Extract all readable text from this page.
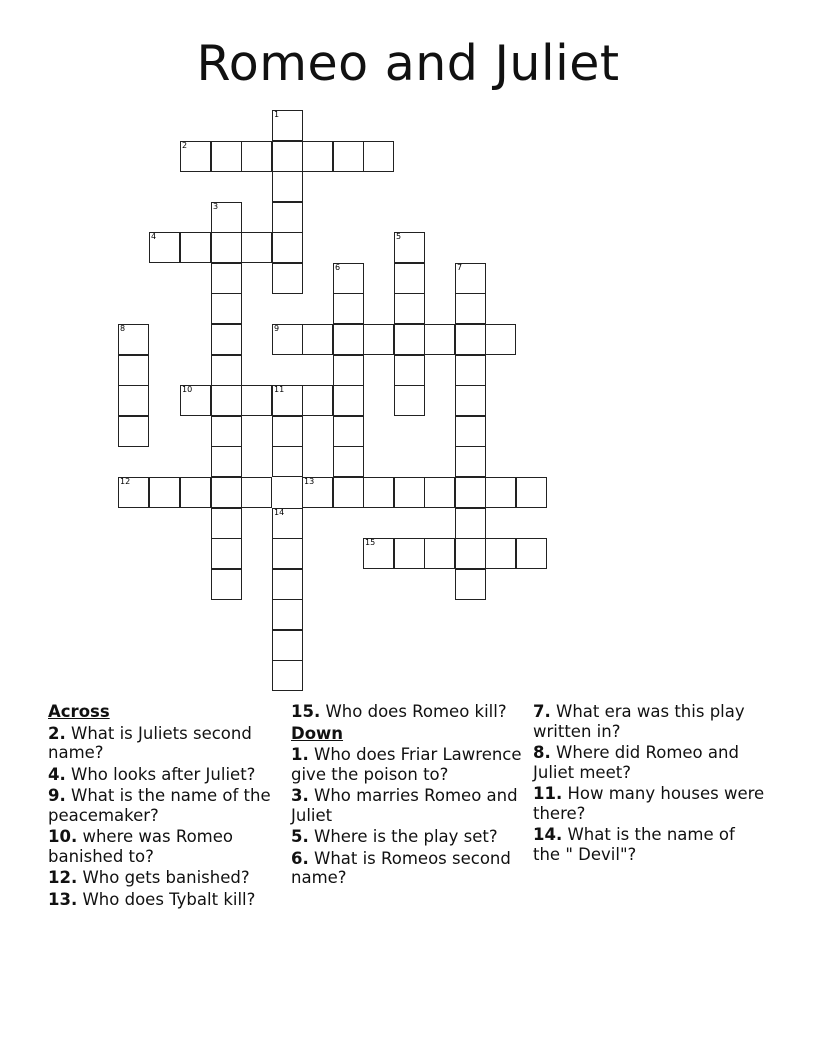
Romeo and Juliet
1
2
3
4	5
6	7
8	9
10	11
12	13
14
15
Across
2. What is Juliets second name?
4. Who looks after Juliet?
9. What is the name of the peacemaker?
10. where was Romeo banished to?
12. Who gets banished?
13. Who does Tybalt kill?
15. Who does Romeo kill?
Down
1. Who does Friar Lawrence give the poison to?
3. Who marries Romeo and Juliet
5. Where is the play set?
6. What is Romeos second name?
7. What era was this play written in?
8. Where did Romeo and Juliet meet?
11. How many houses were there?
14. What is the name of the " Devil"?
